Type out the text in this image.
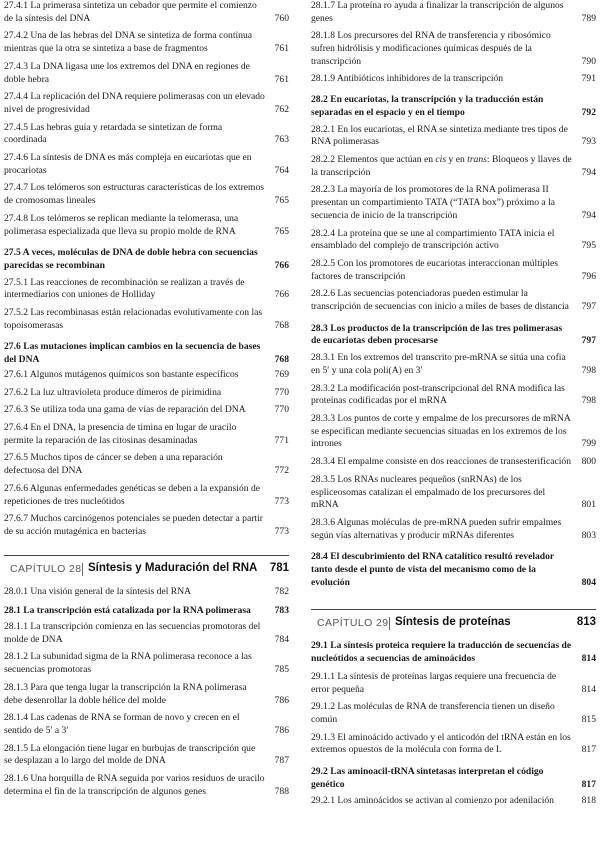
27.4.1 La primerasa sintetiza un cebador que permite el comienzo de la síntesis del DNA	760
27.4.2 Una de las hebras del DNA se sintetiza de forma continua mientras que la otra se sintetiza a base de fragmentos	761
27.4.3 La DNA ligasa une los extremos del DNA en regiones de doble hebra	761
27.4.4 La replicación del DNA requiere polimerasas con un elevado nivel de progresividad	762
27.4.5 Las hebras guía y retardada se sintetizan de forma coordinada	763
27.4.6 La síntesis de DNA es más compleja en eucariotas que en procariotas	764
27.4.7 Los telómeros son estructuras características de los extremos de cromosomas lineales	765
27.4.8 Los telómeros se replican mediante la telomerasa, una polimerasa especializada que lleva su propio molde de RNA	765
27.5 A veces, moléculas de DNA de doble hebra con secuencias parecidas se recombinan	766
27.5.1 Las reacciones de recombinación se realizan a través de intermediarios con uniones de Holliday	766
27.5.2 Las recombinasas están relacionadas evolutivamente con las topoisomerasas	768
27.6 Las mutaciones implican cambios en la secuencia de bases del DNA	768
27.6.1 Algunos mutágenos químicos son bastante específicos	769
27.6.2 La luz ultravioleta produce dímeros de pirimidina	770
27.6.3 Se utiliza toda una gama de vías de reparación del DNA	770
27.6.4 En el DNA, la presencia de timina en lugar de uracilo permite la reparación de las citosinas desaminadas	771
27.6.5 Muchos tipos de cáncer se deben a una reparación defectuosa del DNA	772
27.6.6 Algunas enfermedades genéticas se deben a la expansión de repeticiones de tres nucleótidos	773
27.6.7 Muchos carcinógenos potenciales se pueden detectar a partir de su acción mutagénica en bacterias	773
CAPÍTULO 28 Síntesis y Maduración del RNA 781
28.0.1 Una visión general de la síntesis del RNA	782
28.1 La transcripción está catalizada por la RNA polimerasa 783
28.1.1 La transcripción comienza en las secuencias promotoras del molde de DNA	784
28.1.2 La subunidad sigma de la RNA polimerasa reconoce a las secuencias promotoras	785
28.1.3 Para que tenga lugar la transcripción la RNA polimerasa debe desenrollar la doble hélice del molde	786
28.1.4 Las cadenas de RNA se forman de novo y crecen en el sentido de 5′ a 3′	786
28.1.5 La elongación tiene lugar en burbujas de transcripción que se desplazan a lo largo del molde de DNA	787
28.1.6 Una horquilla de RNA seguida por varios residuos de uracilo determina el fin de la transcripción de algunos genes	788
28.1.7 La proteína ro ayuda a finalizar la transcripción de algunos genes	789
28.1.8 Los precursores del RNA de transferencia y ribosómico sufren hidrólisis y modificaciones químicas después de la transcripción	790
28.1.9 Antibióticos inhibidores de la transcripción	791
28.2 En eucariotas, la transcripción y la traducción están separadas en el espacio y en el tiempo	792
28.2.1 En los eucariotas, el RNA se sintetiza mediante tres tipos de RNA polimerasas	793
28.2.2 Elementos que actúan en cis y en trans: Bloqueos y llaves de la transcripción	794
28.2.3 La mayoría de los promotores de la RNA polimerasa II presentan un compartimiento TATA (“TATA box”) próximo a la secuencia de inicio de la transcripción	794
28.2.4 La proteína que se une al compartimiento TATA inicia el ensamblado del complejo de transcripción activo	795
28.2.5 Con los promotores de eucariotas interaccionan múltiples factores de transcripción	796
28.2.6 Las secuencias potenciadoras pueden estimular la transcripción de secuencias con inicio a miles de bases de distancia 797
28.3 Los productos de la transcripción de las tres polimerasas de eucariotas deben procesarse	797
28.3.1 En los extremos del transcrito pre-mRNA se sitúa una cofia en 5′ y una cola poli(A) en 3′	798
28.3.2 La modificación post-transcripcional del RNA modifica las proteínas codificadas por el mRNA	798
28.3.3 Los puntos de corte y empalme de los precursores de mRNA se especifican mediante secuencias situadas en los extremos de los intrones	799
28.3.4 El empalme consiste en dos reacciones de transesterificación 800
28.3.5 Los RNAs nucleares pequeños (snRNAs) de los espliceosomas catalizan el empalmado de los precursores del mRNA	801
28.3.6 Algunas moléculas de pre-mRNA pueden sufrir empalmes según vías alternativas y producir mRNAs diferentes	803
28.4 El descubrimiento del RNA catalítico resultó revelador tanto desde el punto de vista del mecanismo como de la evolución	804
CAPÍTULO 29 Síntesis de proteínas	813
29.1 La síntesis proteica requiere la traducción de secuencias de nucleótidos a secuencias de aminoácidos	814
29.1.1 La síntesis de proteínas largas requiere una frecuencia de error pequeña	814
29.1.2 Las moléculas de RNA de transferencia tienen un diseño común	815
29.1.3 El aminoácido activado y el anticodón del tRNA están en los extremos opuestos de la molécula con forma de L	817
29.2 Las aminoacil-tRNA sintetasas interpretan el código genético	817
29.2.1 Los aminoácidos se activan al comienzo por adenilación	818
